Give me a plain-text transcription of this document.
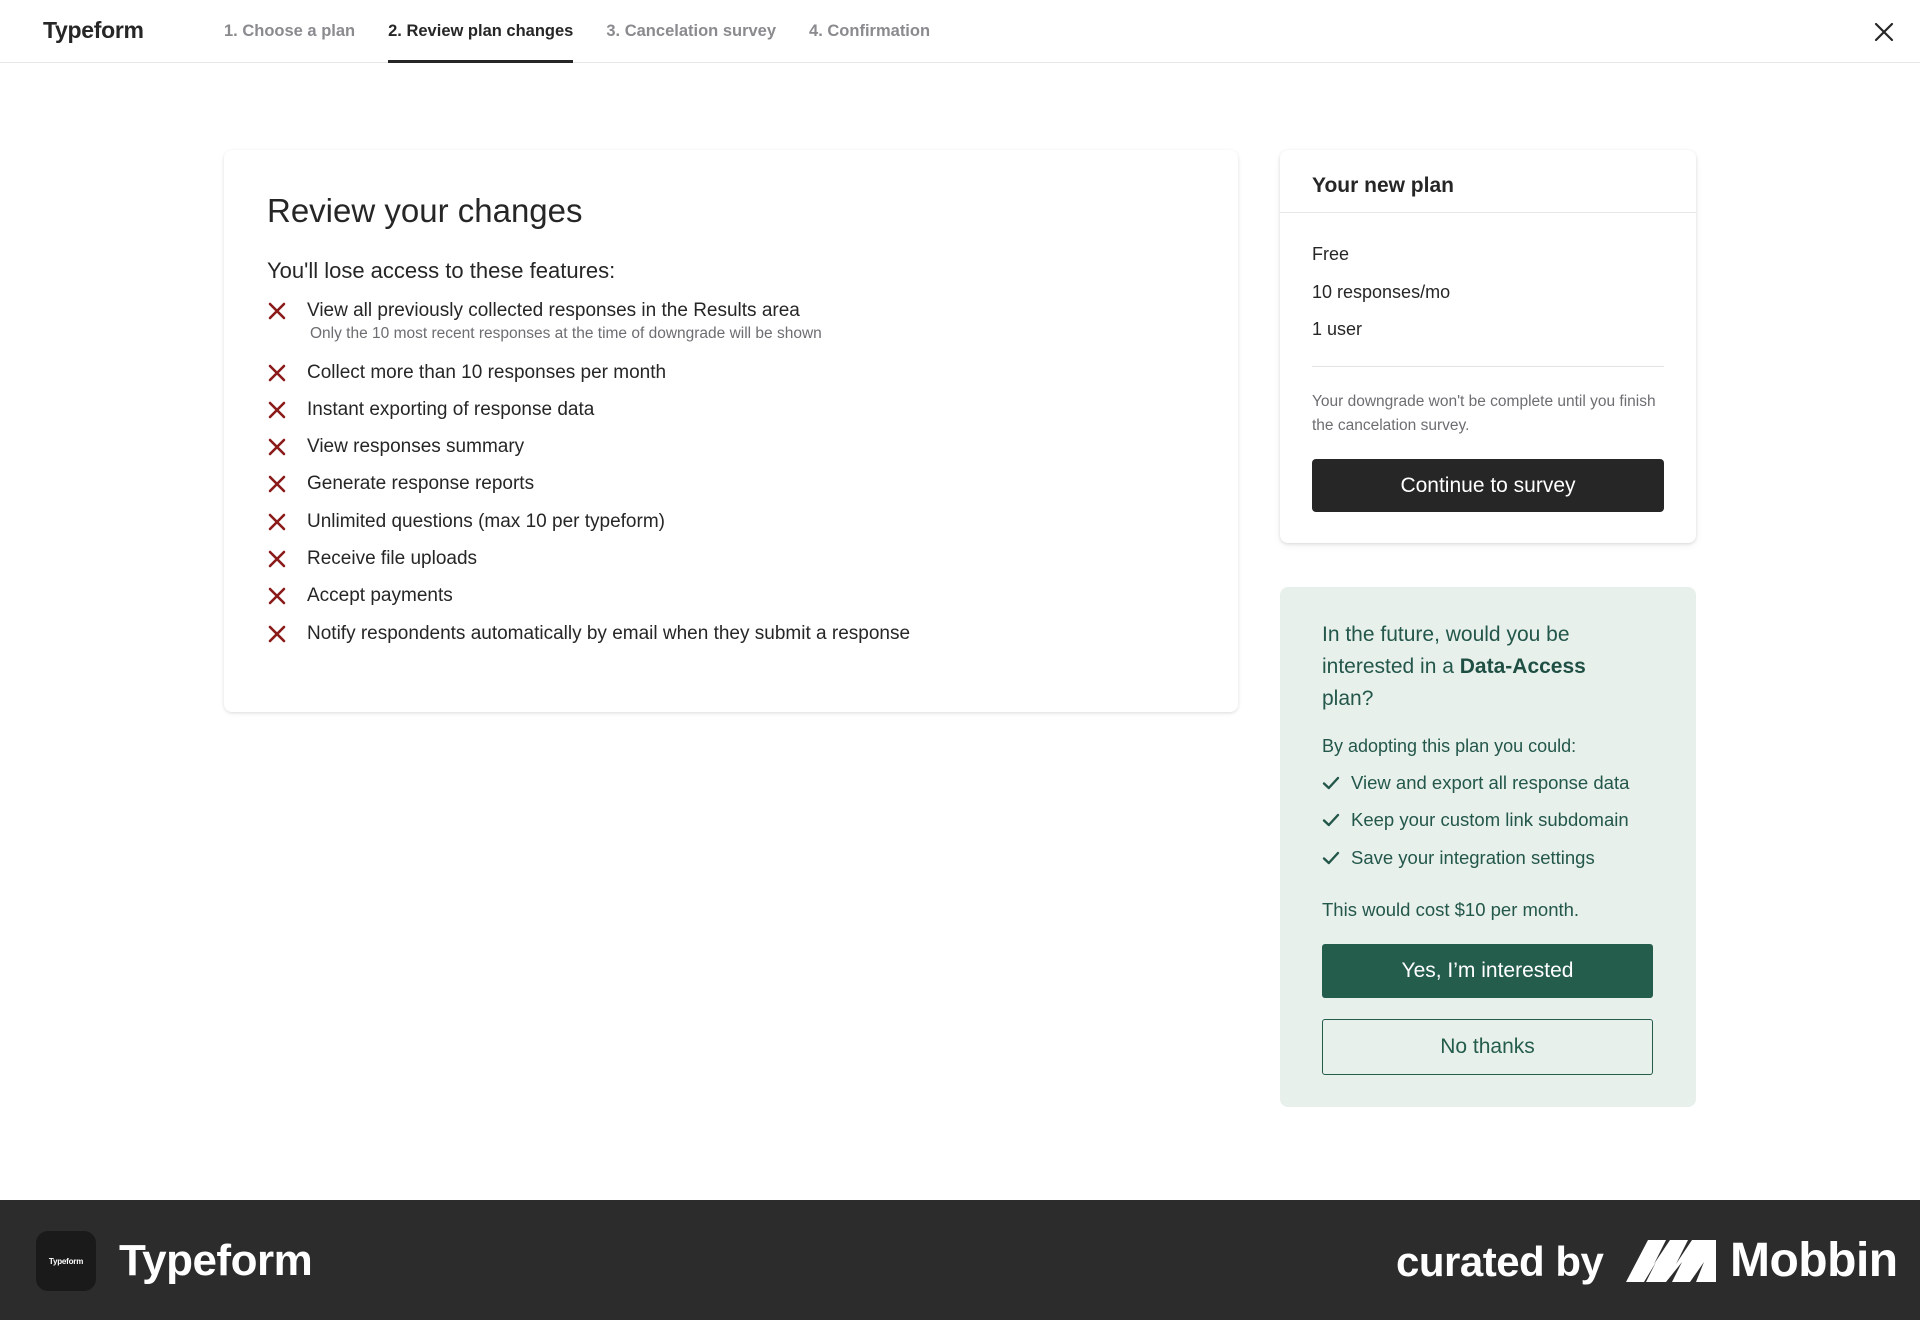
Typeform	1. Choose a plan 2. Review plan changes 3. Cancelation survey 4. Confirmation
Review your changes
You'll lose access to these features:
View all previously collected responses in the Results area
Only the 10 most recent responses at the time of downgrade will be shown
Collect more than 10 responses per month
Instant exporting of response data
View responses summary
Generate response reports
Unlimited questions (max 10 per typeform)
Receive file uploads
Accept payments
Notify respondents automatically by email when they submit a response
Your new plan
Free
10 responses/mo
1 user

Your downgrade won't be complete until you finish the cancelation survey.

Continue to survey

In the future, would you be interested in a Data-Access plan?

By adopting this plan you could:

View and export all response data
Keep your custom link subdomain
Save your integration settings

This would cost $10 per month.

Yes, I’m interested
No thanks
Typeform Typeform	curated by	Mobbin
